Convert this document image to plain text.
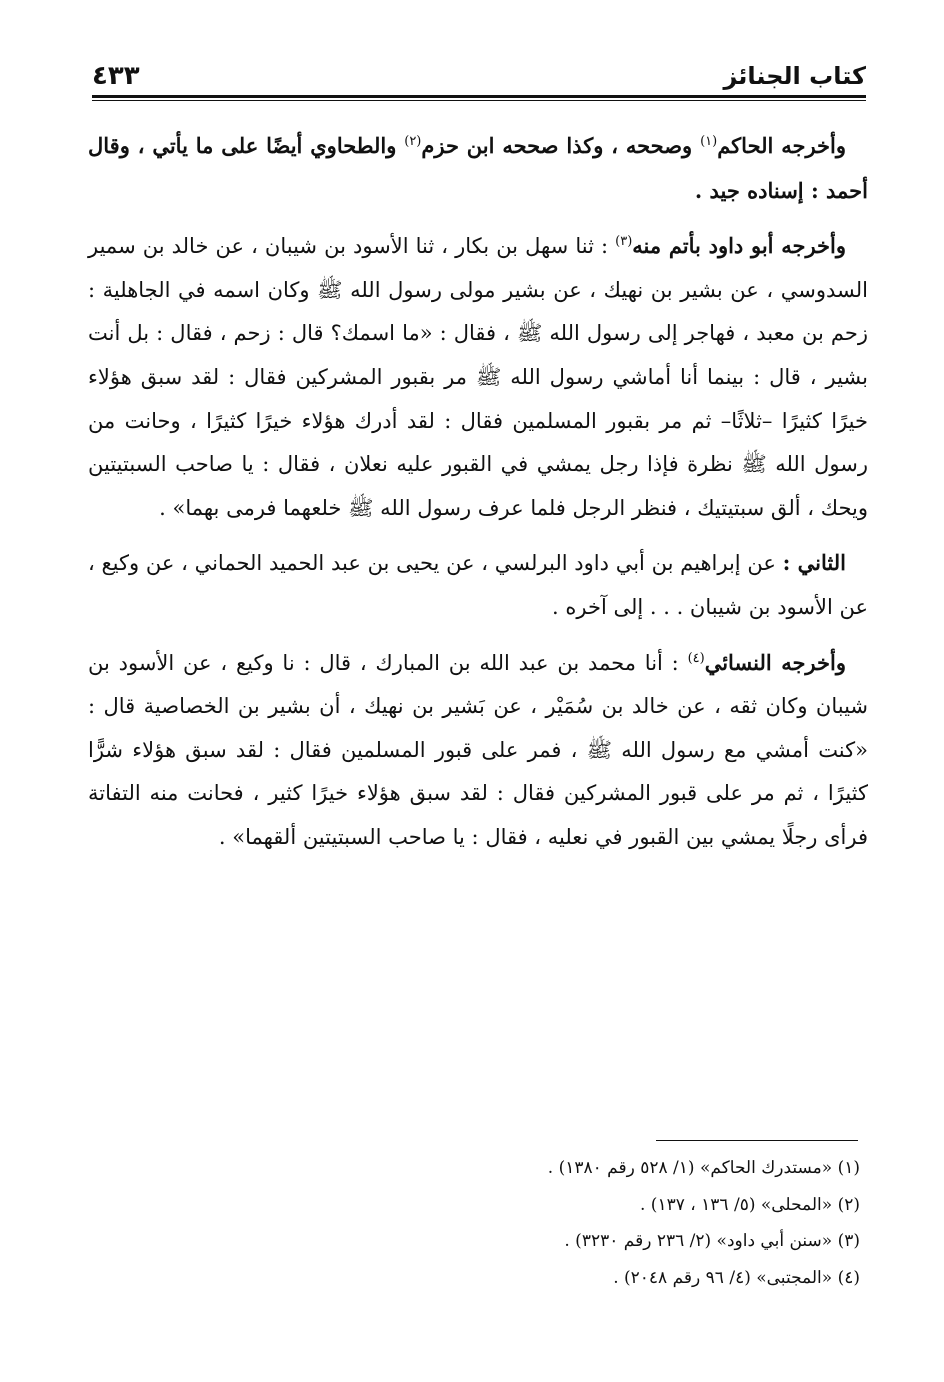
كتاب الجنائز
٤٣٣

وأخرجه الحاكم$^{(١)}$ وصححه ، وكذا صححه ابن حزم$^{(٢)}$ والطحاوي أيضًا على ما يأتي ، وقال أحمد : إسناده جيد .

وأخرجه أبو داود بأتم منه$^{(٣)}$ : ثنا سهل بن بكار ، ثنا الأسود بن شيبان ، عن خالد بن سمير السدوسي ، عن بشير بن نهيك ، عن بشير مولى رسول الله ﷺ وكان اسمه في الجاهلية : زحم بن معبد ، فهاجر إلى رسول الله ﷺ ، فقال : «ما اسمك؟ قال : زحم ، فقال : بل أنت بشير ، قال : بينما أنا أماشي رسول الله ﷺ مر بقبور المشركين فقال : لقد سبق هؤلاء خيرًا كثيرًا –ثلاثًا– ثم مر بقبور المسلمين فقال : لقد أدرك هؤلاء خيرًا كثيرًا ، وحانت من رسول الله ﷺ نظرة فإذا رجل يمشي في القبور عليه نعلان ، فقال : يا صاحب السبتيتين ويحك ، ألق سبتيتيك ، فنظر الرجل فلما عرف رسول الله ﷺ خلعهما فرمى بهما» .

الثاني : عن إبراهيم بن أبي داود البرلسي ، عن يحيى بن عبد الحميد الحماني ، عن وكيع ، عن الأسود بن شيبان . . . إلى آخره .

وأخرجه النسائي$^{(٤)}$ : أنا محمد بن عبد الله بن المبارك ، قال : نا وكيع ، عن الأسود بن شيبان وكان ثقه ، عن خالد بن سُمَيْر ، عن بَشير بن نهيك ، أن بشير بن الخصاصية قال : «كنت أمشي مع رسول الله ﷺ ، فمر على قبور المسلمين فقال : لقد سبق هؤلاء شرًّا كثيرًا ، ثم مر على قبور المشركين فقال : لقد سبق هؤلاء خيرًا كثير ، فحانت منه التفاتة فرأى رجلًا يمشي بين القبور في نعليه ، فقال : يا صاحب السبتيتين ألقهما» .

(١) «مستدرك الحاكم» (١/ ٥٢٨ رقم ١٣٨٠) .
(٢) «المحلى» (٥/ ١٣٦ ، ١٣٧) .
(٣) «سنن أبي داود» (٢/ ٢٣٦ رقم ٣٢٣٠) .
(٤) «المجتبى» (٤/ ٩٦ رقم ٢٠٤٨) .
